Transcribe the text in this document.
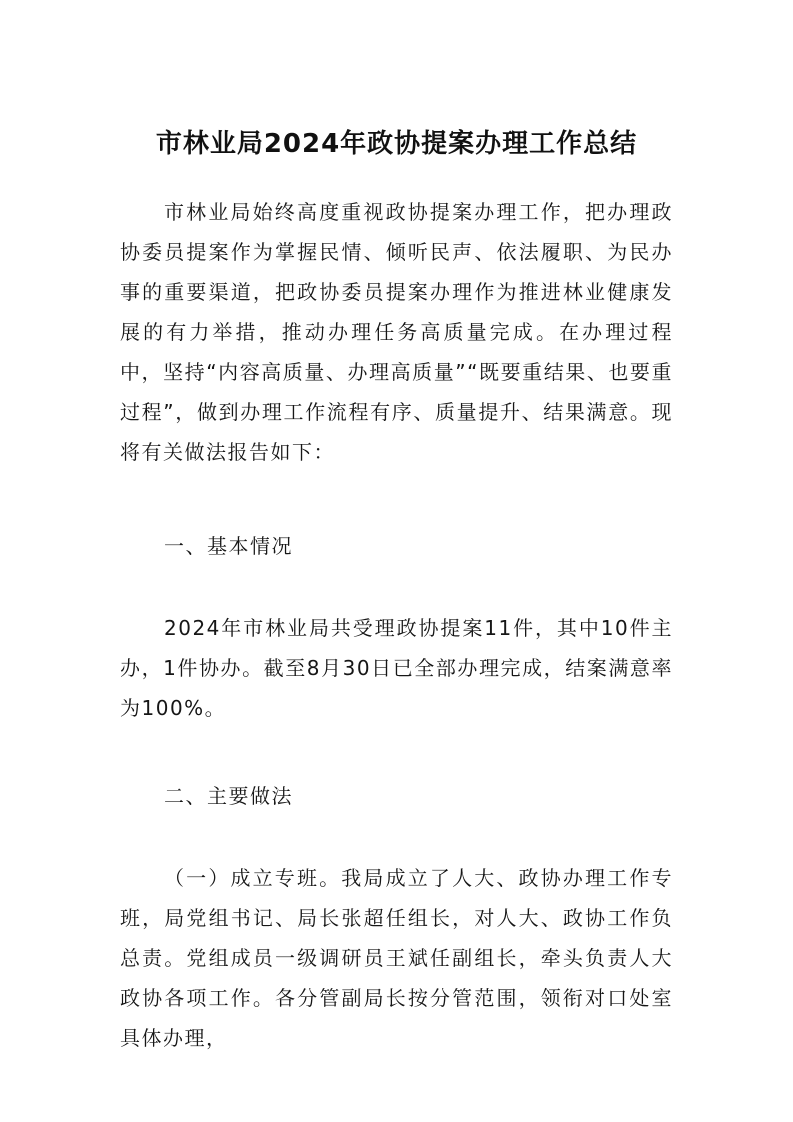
市林业局2024年政协提案办理工作总结

市林业局始终高度重视政协提案办理工作，把办理政协委员提案作为掌握民情、倾听民声、依法履职、为民办事的重要渠道，把政协委员提案办理作为推进林业健康发展的有力举措，推动办理任务高质量完成。在办理过程中，坚持“内容高质量、办理高质量”“既要重结果、也要重过程”，做到办理工作流程有序、质量提升、结果满意。现将有关做法报告如下：

一、基本情况

2024年市林业局共受理政协提案11件，其中10件主办，1件协办。截至8月30日已全部办理完成，结案满意率为100%。

二、主要做法

（一）成立专班。我局成立了人大、政协办理工作专班，局党组书记、局长张超任组长，对人大、政协工作负总责。党组成员一级调研员王斌任副组长，牵头负责人大政协各项工作。各分管副局长按分管范围，领衔对口处室具体办理，
